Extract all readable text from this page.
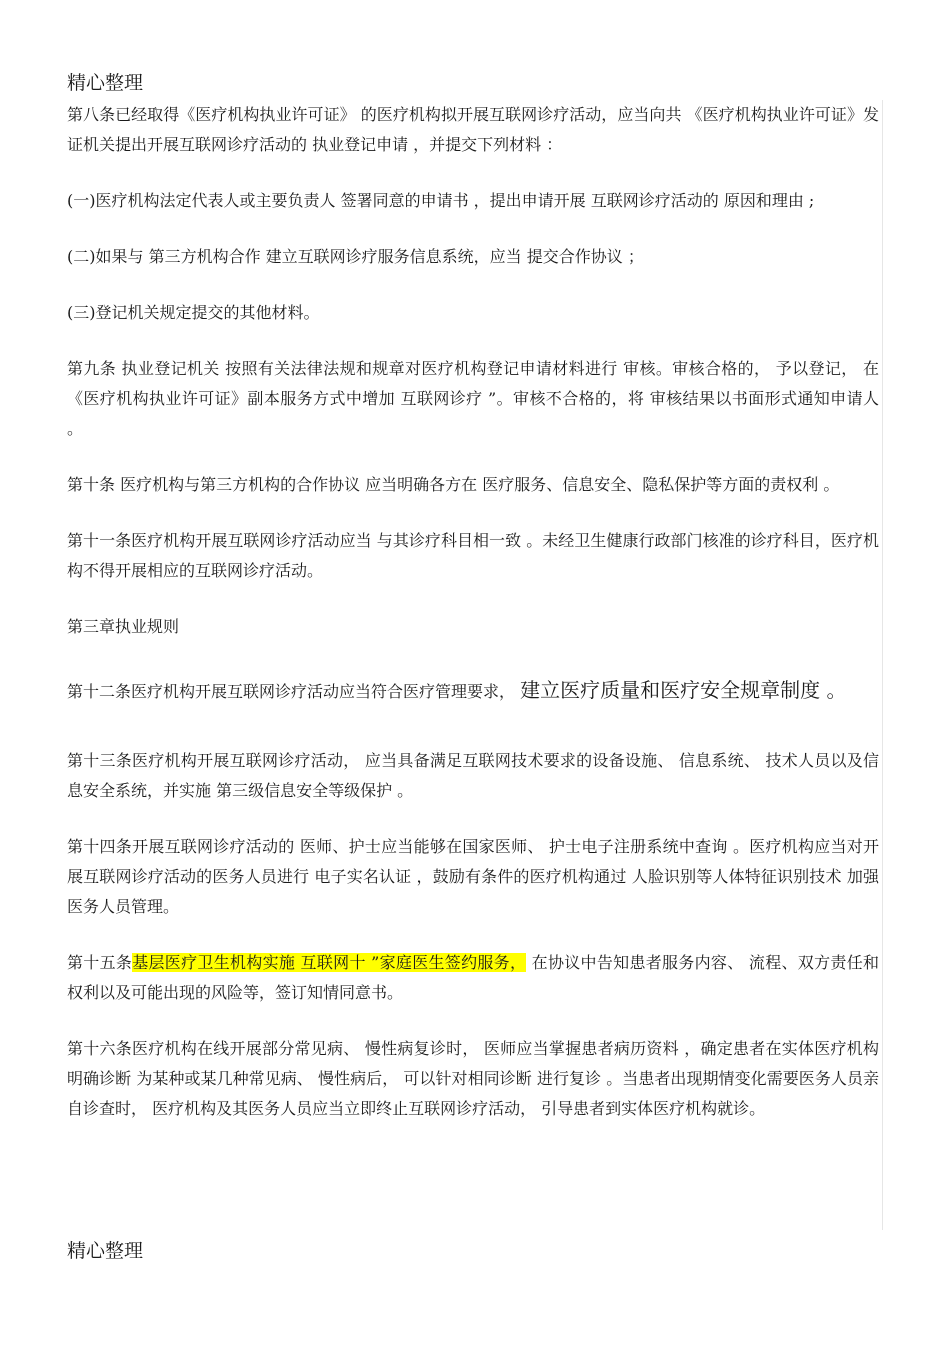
精心整理

第八条已经取得《医疗机构执业许可证》 的医疗机构拟开展互联网诊疗活动，应当向共 《医疗机构执业许可证》发证机关提出开展互联网诊疗活动的 执业登记申请 ，并提交下列材料 ：

(一)医疗机构法定代表人或主要负责人 签署同意的申请书 ，提出申请开展 互联网诊疗活动的 原因和理由 ;

(二)如果与 第三方机构合作 建立互联网诊疗服务信息系统，应当 提交合作协议 ；

(三)登记机关规定提交的其他材料。

第九条 执业登记机关 按照有关法律法规和规章对医疗机构登记申请材料进行 审核。审核合格的， 予以登记， 在《医疗机构执业许可证》副本服务方式中增加 互联网诊疗 ”。审核不合格的，将 审核结果以书面形式通知申请人 。

第十条 医疗机构与第三方机构的合作协议 应当明确各方在 医疗服务、信息安全、隐私保护等方面的责权利 。

第十一条医疗机构开展互联网诊疗活动应当 与其诊疗科目相一致 。未经卫生健康行政部门核准的诊疗科目，医疗机构不得开展相应的互联网诊疗活动。

第三章执业规则

第十二条医疗机构开展互联网诊疗活动应当符合医疗管理要求， 建立医疗质量和医疗安全规章制度 。

第十三条医疗机构开展互联网诊疗活动， 应当具备满足互联网技术要求的设备设施、 信息系统、 技术人员以及信息安全系统，并实施 第三级信息安全等级保护 。

第十四条开展互联网诊疗活动的 医师、护士应当能够在国家医师、 护士电子注册系统中查询 。医疗机构应当对开展互联网诊疗活动的医务人员进行 电子实名认证 ，鼓励有条件的医疗机构通过 人脸识别等人体特征识别技术 加强医务人员管理。

第十五条基层医疗卫生机构实施 互联网十 ”家庭医生签约服务， 在协议中告知患者服务内容、 流程、双方责任和权利以及可能出现的风险等，签订知情同意书。

第十六条医疗机构在线开展部分常见病、 慢性病复诊时， 医师应当掌握患者病历资料 ，确定患者在实体医疗机构明确诊断 为某种或某几种常见病、 慢性病后， 可以针对相同诊断 进行复诊 。当患者出现期情变化需要医务人员亲自诊查时， 医疗机构及其医务人员应当立即终止互联网诊疗活动， 引导患者到实体医疗机构就诊。

精心整理
